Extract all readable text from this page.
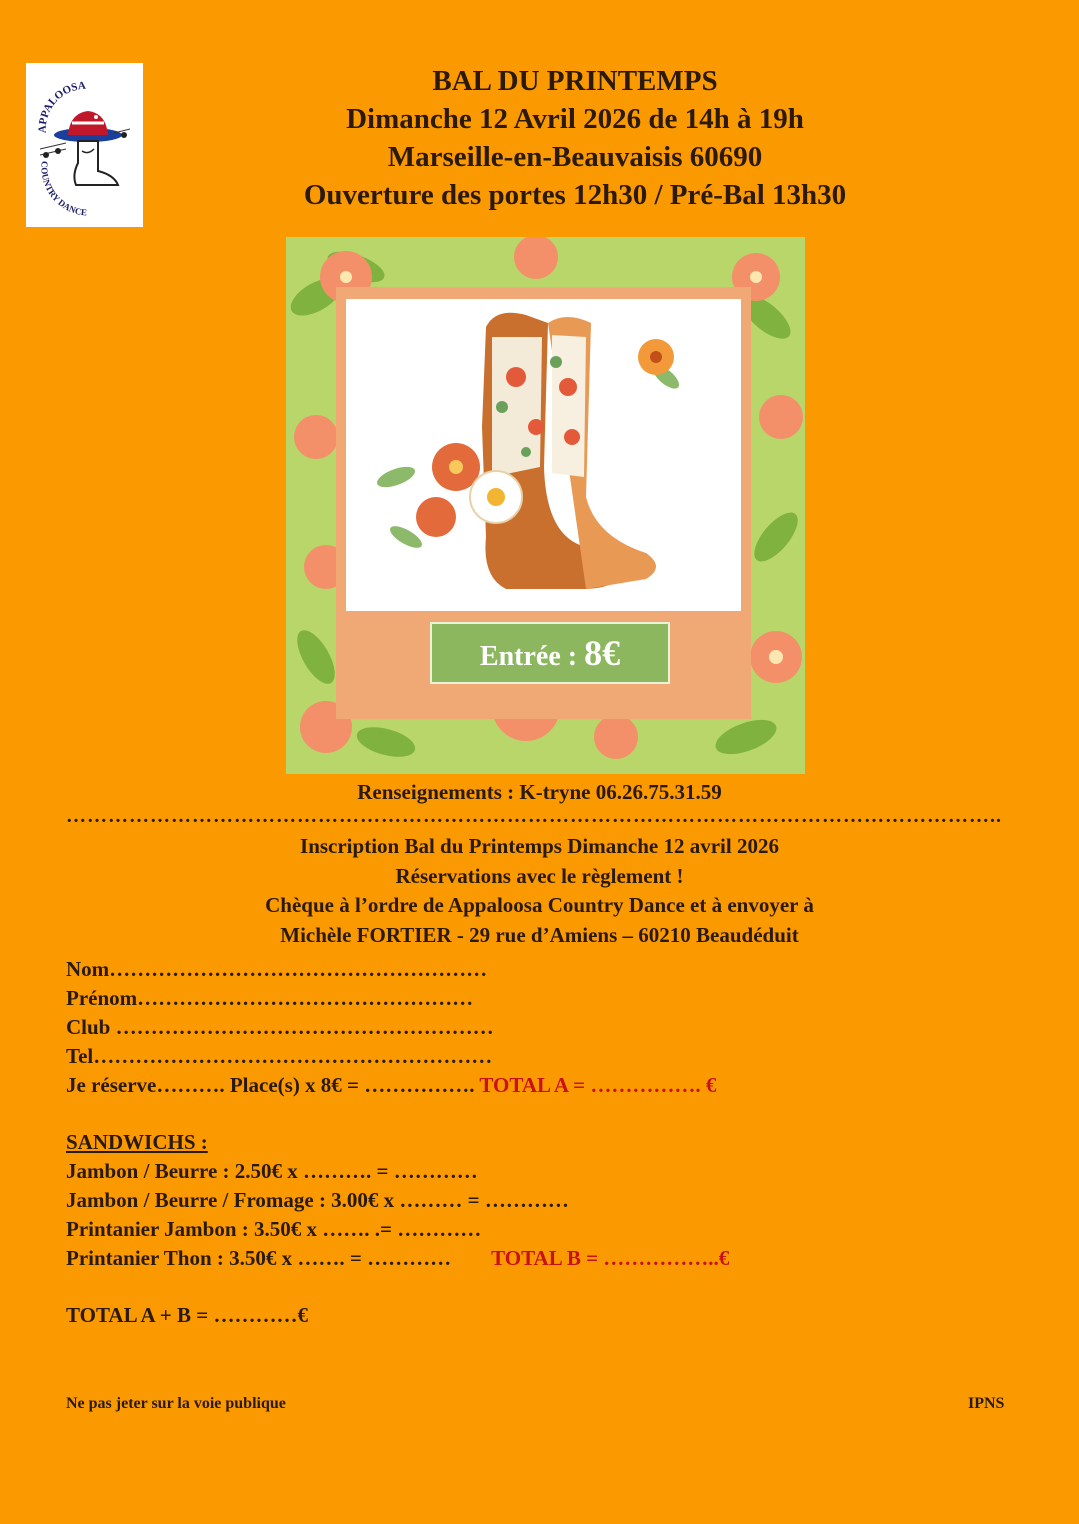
APPALOOSA
COUNTRY DANCE
BAL DU PRINTEMPS
Dimanche 12 Avril 2026 de 14h à 19h
Marseille-en-Beauvaisis 60690
Ouverture des portes 12h30 / Pré-Bal 13h30
Entrée : 8€
Renseignements : K-tryne 06.26.75.31.59
……………………………………………………………………………………………………………………..
Inscription Bal du Printemps Dimanche 12 avril 2026
Réservations avec le règlement !
Chèque à l’ordre de Appaloosa Country Dance et à envoyer à
Michèle FORTIER - 29 rue d’Amiens – 60210 Beaudéduit
Nom………………………………………………
Prénom…………………………………………
Club ………………………………………………
Tel…………………………………………………
Je réserve………. Place(s) x 8€ = ……………. TOTAL A = ……………. €
SANDWICHS :
Jambon / Beurre : 2.50€ x ………. = …………
Jambon / Beurre / Fromage : 3.00€ x ……… = …………
Printanier Jambon : 3.50€ x ……. .= …………
Printanier Thon : 3.50€ x ……. = ………… TOTAL B = ……………..€
TOTAL A + B = …………€
Ne pas jeter sur la voie publique	IPNS
